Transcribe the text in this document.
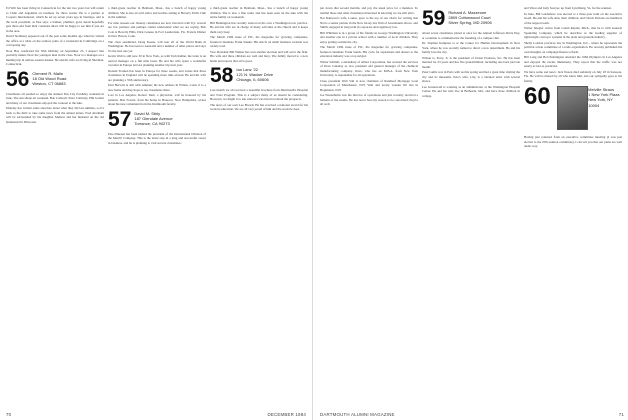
Ed Wilt has been living in Connecticut for the last two years but will return to Chile and Argentina on business for three weeks. He is a partner at Coopers International, which he set up seven years ago in Santiago, and is the local president, as Dee says, a banker, plumber, gold, detail hopefully gets there and from their countries direct will be happy to see him if you are in the area.

David Steinberg appeared out of the past some months ago when he visited the office at a table on the outdoor patio of a restaurant in Cambridge on a cold spring day.

Noor Bay celebrated his 30th birthday on September 23. I suspect that probably makes Noor the youngest man in the class. Noor is a manager on a hunting trip in remote eastern Alaska. He and his wife are living in Sherman, Connecticut.

56 Clement R. Malin
18 Old Wood Road
Weston, CT 06883

Classmates all seemed to enjoy the Annual Fun City Earthday weekend in June. The sun shone all weekend. Bob Cudwell, Peter Carmody, Phil Gellert and many of our classmates enjoyed the cookout at the lake.

Monday has written some anecdote about what they did last summer, so it's back to the mill: to take some news from the annual letters. Fred Abraham will be surrounded by his daughter Melissa and her husband on the old homestead in Princeton.

a third-grade teacher in Belmont, Mass., has a bunch of happy young children. She is also an avid sailor and teaches sailing at Beverly Yacht Club in the summer.

For nine reasons our January classmates are now involved with Ivy: several are law partners and perhaps cannot understand what we are saying. Bob Cole is Beverly Hills, Dick Leneau in Fort Lauderdale, Fla. Francis Dinner in New Haven, Conn.

The class assembled, Doug Keene, will tour all of the World Bank in Washington. He has been to Australia and a number of other places and says it's the best one yet.

Kevin Wall is still now 30 in New York, as with Tom Kuhne; the latter is an optical manager on a full time basis. He and his wife spent a wonderful vacation in Europe and are planning another trip next year.

Donald Trained has been in Europe for three weeks, and writes that three classmates in England will be spending more time abroad. He and his wife are planning a 35th anniversary.

Paul Herwitz is still with Amman; his new address in Wilton, Conn. It is a new home and they hope to see classmates there.

Lost in Los Angeles, Robert Taub, a physician, will be honored by his patients. Bob Fowler, from his home in Hanover, New Hampshire, writes about his new retirement from the Dartmouth faculty.

57 David M. Stirly
187 Glendale Avenue
Torrance, CA 90273

Pete Dinesen has been named the president of the International Division of the Merrill Company. This is the latest step in a long and successful career in business, and he is planning to visit several classmates.

a third-grade teacher in Belmont, Mass., has a bunch of happy young children. She is also a fine sailor and has been seen on the lake with the entire family on weekends.

Bill Huntington has recently started on his own a Washington law practice. He and his wife are in charge of many activities at the church and it keeps them very busy.

The March 1984 issue of PIC, the magazine for growing companies, featured classmate Frank Stanke. His article on small business creation was widely read.

Vice President Bill Walker has won another election and will serve the firm. His wife and three children are well and busy. The family moved to a new home and reports that all is good.

58 Ian Lanz '22
121 N. Wacker Drive
Chicago, IL 60606

Last month we all received a beautiful brochure from Dartmouth's Hospital and Trust Program. This is a subject many of us should be considering. However, we might it to ask whoever was involved about the prospects.

The news of our own Lee Brown: He has received a national award for his work in education. We are all very proud of him and the work he does.

70	DECEMBER 1984

put down that second martini, and pay the usual price for a mention. To remind those and other classmates interested in knowing we are still alive.

Nat Naitwore's wife, Louise, goes to the top of our charts for writing that Nat is a senior partner in the New Jersey law firm of Greenbaum, Rowe, and Smith, engaged in long term in corporate and regulatory law.

Bill Whitman is in a group of his friends in George Washington University and another one in a private school with a number of local children. They enjoy getting outside the city.

The March 1984 issue of PIC, the magazine for growing companies, featured classmate Frank Sands. His cycle for aspirations and donors to the education industry was a top subject.

Walter Schmitt, a subsidiary of Allied Corporation, has secured the services of Dave Canaday as vice president and general manager of the chemical manufacturing company. Dave, who has an M.B.A. from New York University, is responsible for all operations.

Class president Walt Vail is now chairman of Randleaf Mortgage Loan Corporation of Manchester, N.H. Walt and lovely wonder Jill live in Hopkinton, N.H.

Joe Westerholm was the director of operations and just recently received a bulletin of the results. He has never had any reason to be concerned; they're all well.

59 Richard A. Mazzeone
2809 Cottonwood Court
Silver Spring, MD 20906

About seven classmates joined at once for the Annual Jefferson Davis Day, at a reunion to commemorate the founding of a campus club.

Dr. Stephen Kempner is at the Center for Human Development in New York, where he was recently named to direct a new department. He and his family love the city.

Wilson G. Perry, Jr. is the president of Union Products, Inc. He has been married for 23 years and has five grandchildren, including one born just last month.

Peter Gullis was in Paris with us this spring and had a great time visiting the city and its museums. Pete's wife, Lily, is a talented artist with several shows.

Lee Grunewald is working as an administrator at the Washington Hospital Center. He and his wife live in Bethesda, Md., and have three children in college.

and Vince and Judy Sawyer, up from Lynchburg, Va. for the reunion.

In June, Bill Goldsmore was elected to a three-year term on the executive board. He and his wife Ann, their children, and Chuck Parsons are members of the support team.

Walter Stiegler writes from Grand Rapids, Mich., that he is with General Spaulding Company, which he describes as the leading supplier of lightweight conveyor systems in the plant and grounds industry.

Shelly London practices law in Washington, D.C., where he represents the political action committee of a trade organization. He recently published his own thoughts on campaign finance reform.

Bill Long and Bob Pennington attended the 1984 Olympics in Los Angeles and enjoyed the events immensely. They report that the traffic was not nearly as bad as predicted.

We have some sad news: Jack Nason died suddenly on July 18 in Sarasota, Fla. He will be missed by all who knew him, and our sympathy goes to his family.

60	Melville Straus
1 New York Plaza
New York, NY 10004

Having just returned from an executive committee meeting (I was just elected to the 25th reunion committee), I can tell you that our plans are well under way.

DARTMOUTH ALUMNI MAGAZINE	71
